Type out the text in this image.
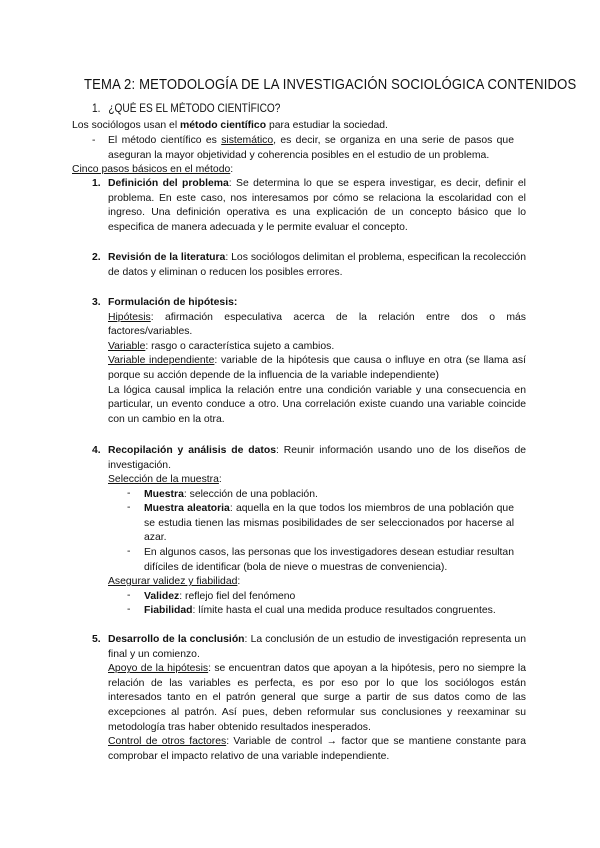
TEMA 2: METODOLOGÍA DE LA INVESTIGACIÓN SOCIOLÓGICA CONTENIDOS
1. ¿QUÉ ES EL MÉTODO CIENTÍFICO?
Los sociólogos usan el método científico para estudiar la sociedad.
- El método científico es sistemático, es decir, se organiza en una serie de pasos que aseguran la mayor objetividad y coherencia posibles en el estudio de un problema.
Cinco pasos básicos en el método:
1. Definición del problema: Se determina lo que se espera investigar, es decir, definir el problema. En este caso, nos interesamos por cómo se relaciona la escolaridad con el ingreso. Una definición operativa es una explicación de un concepto básico que lo especifica de manera adecuada y le permite evaluar el concepto.
2. Revisión de la literatura: Los sociólogos delimitan el problema, especifican la recolección de datos y eliminan o reducen los posibles errores.
3. Formulación de hipótesis:

Hipótesis: afirmación especulativa acerca de la relación entre dos o más factores/variables.

Variable: rasgo o característica sujeto a cambios.

Variable independiente: variable de la hipótesis que causa o influye en otra (se llama así porque su acción depende de la influencia de la variable independiente)

La lógica causal implica la relación entre una condición variable y una consecuencia en particular, un evento conduce a otro. Una correlación existe cuando una variable coincide con un cambio en la otra.

4. Recopilación y análisis de datos: Reunir información usando uno de los diseños de investigación.

Selección de la muestra:

- Muestra: selección de una población.
- Muestra aleatoria: aquella en la que todos los miembros de una población que se estudia tienen las mismas posibilidades de ser seleccionados por hacerse al azar.
- En algunos casos, las personas que los investigadores desean estudiar resultan difíciles de identificar (bola de nieve o muestras de conveniencia).
Asegurar validez y fiabilidad:
- Validez: reflejo fiel del fenómeno
- Fiabilidad: límite hasta el cual una medida produce resultados congruentes.
5. Desarrollo de la conclusión: La conclusión de un estudio de investigación representa un final y un comienzo.

Apoyo de la hipótesis: se encuentran datos que apoyan a la hipótesis, pero no siempre la relación de las variables es perfecta, es por eso por lo que los sociólogos están interesados tanto en el patrón general que surge a partir de sus datos como de las excepciones al patrón. Así pues, deben reformular sus conclusiones y reexaminar su metodología tras haber obtenido resultados inesperados.

Control de otros factores: Variable de control → factor que se mantiene constante para comprobar el impacto relativo de una variable independiente.
